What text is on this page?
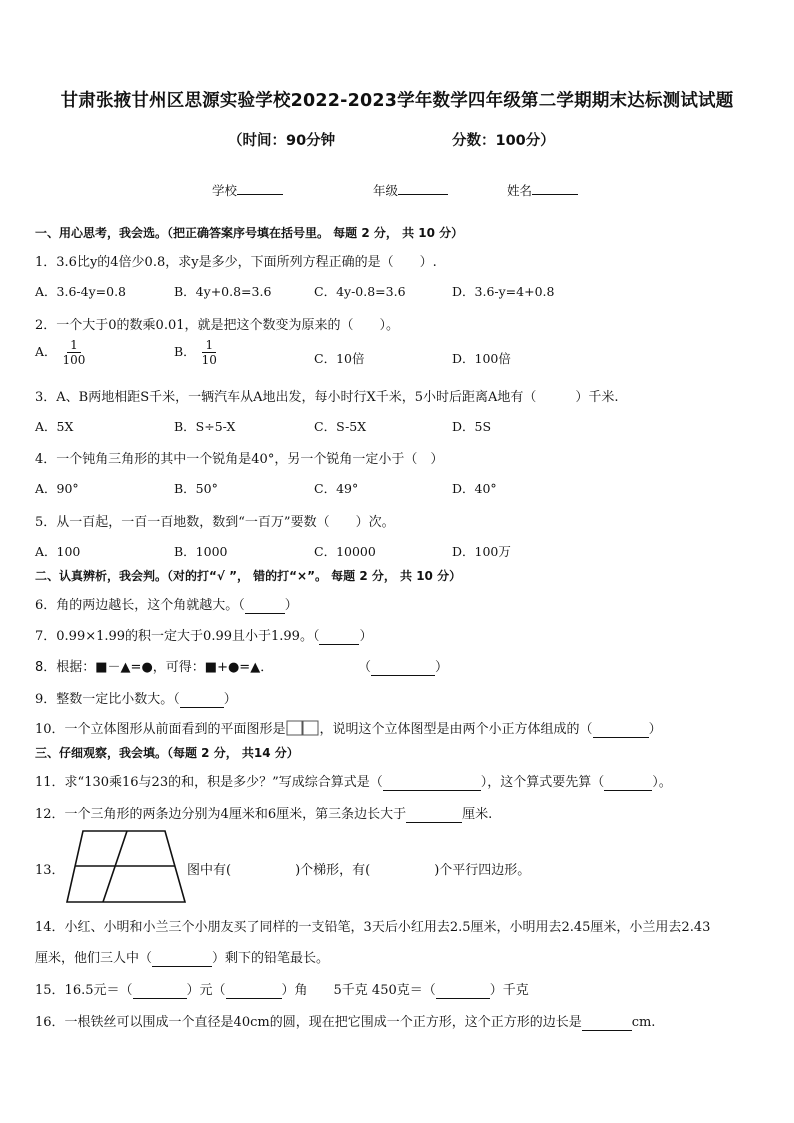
甘肃张掖甘州区思源实验学校2022-2023学年数学四年级第二学期期末达标测试试题
（时间：90分钟	分数：100分）
学校	年级	姓名
一、用心思考，我会选。（把正确答案序号填在括号里。 每题 2 分， 共 10 分）
1．3.6比y的4倍少0.8，求y是多少，下面所列方程正确的是（　　）.
A．3.6-4y=0.8	B．4y+0.8=3.6	C．4y-0.8=3.6	D．3.6-y=4+0.8
2．一个大于0的数乘0.01，就是把这个数变为原来的（　　）。
A． $\frac{1}{100}$	B． $\frac{1}{10}$	C．10倍	D．100倍
3．A、B两地相距S千米，一辆汽车从A地出发，每小时行X千米，5小时后距离A地有（　　　）千米.
A．5X	B．S÷5-X	C．S-5X	D．5S
4．一个钝角三角形的其中一个锐角是40°，另一个锐角一定小于（　）
A．90°	B．50°	C．49°	D．40°
5．从一百起，一百一百地数，数到“一百万”要数（　　）次。
A．100	B．1000	C．10000	D．100万
二、认真辨析，我会判。（对的打“√ ”， 错的打“×”。 每题 2 分， 共 10 分）
6．角的两边越长，这个角就越大。（	）
7．0.99×1.99的积一定大于0.99且小于1.99。（	）
8．根据：■－▲=●，可得：■+●=▲．	（	）
9．整数一定比小数大。（	）
10．一个立体图形从前面看到的平面图形是	，说明这个立体图型是由两个小正方体组成的（	）
三、仔细观察，我会填。（每题 2 分， 共14 分）
11．求“130乘16与23的和，积是多少？”写成综合算式是（	），这个算式要先算（	）。
12．一个三角形的两条边分别为4厘米和6厘米，第三条边长大于	厘米.
13．	图中有(	)个梯形，有(	)个平行四边形。
14．小红、小明和小兰三个小朋友买了同样的一支铅笔，3天后小红用去2.5厘米，小明用去2.45厘米，小兰用去2.43
厘米，他们三人中（	）剩下的铅笔最长。
15．16.5元＝（	）元（	）角 5千克 450克＝（	）千克
16．一根铁丝可以围成一个直径是40cm的圆，现在把它围成一个正方形，这个正方形的边长是	cm.
